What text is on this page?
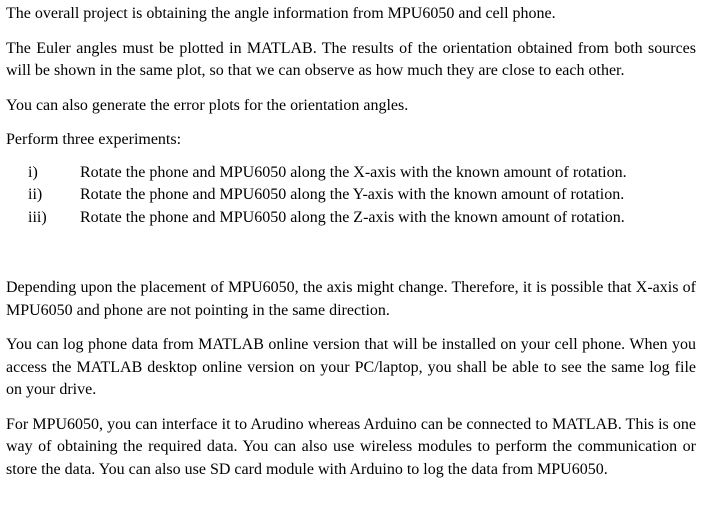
The overall project is obtaining the angle information from MPU6050 and cell phone.

The Euler angles must be plotted in MATLAB. The results of the orientation obtained from both sources will be shown in the same plot, so that we can observe as how much they are close to each other.

You can also generate the error plots for the orientation angles.

Perform three experiments:

i)	Rotate the phone and MPU6050 along the X-axis with the known amount of rotation.
ii)	Rotate the phone and MPU6050 along the Y-axis with the known amount of rotation.
iii)	Rotate the phone and MPU6050 along the Z-axis with the known amount of rotation.

Depending upon the placement of MPU6050, the axis might change. Therefore, it is possible that X-axis of MPU6050 and phone are not pointing in the same direction.

You can log phone data from MATLAB online version that will be installed on your cell phone. When you access the MATLAB desktop online version on your PC/laptop, you shall be able to see the same log file on your drive.

For MPU6050, you can interface it to Arudino whereas Arduino can be connected to MATLAB. This is one way of obtaining the required data. You can also use wireless modules to perform the communication or store the data. You can also use SD card module with Arduino to log the data from MPU6050.
